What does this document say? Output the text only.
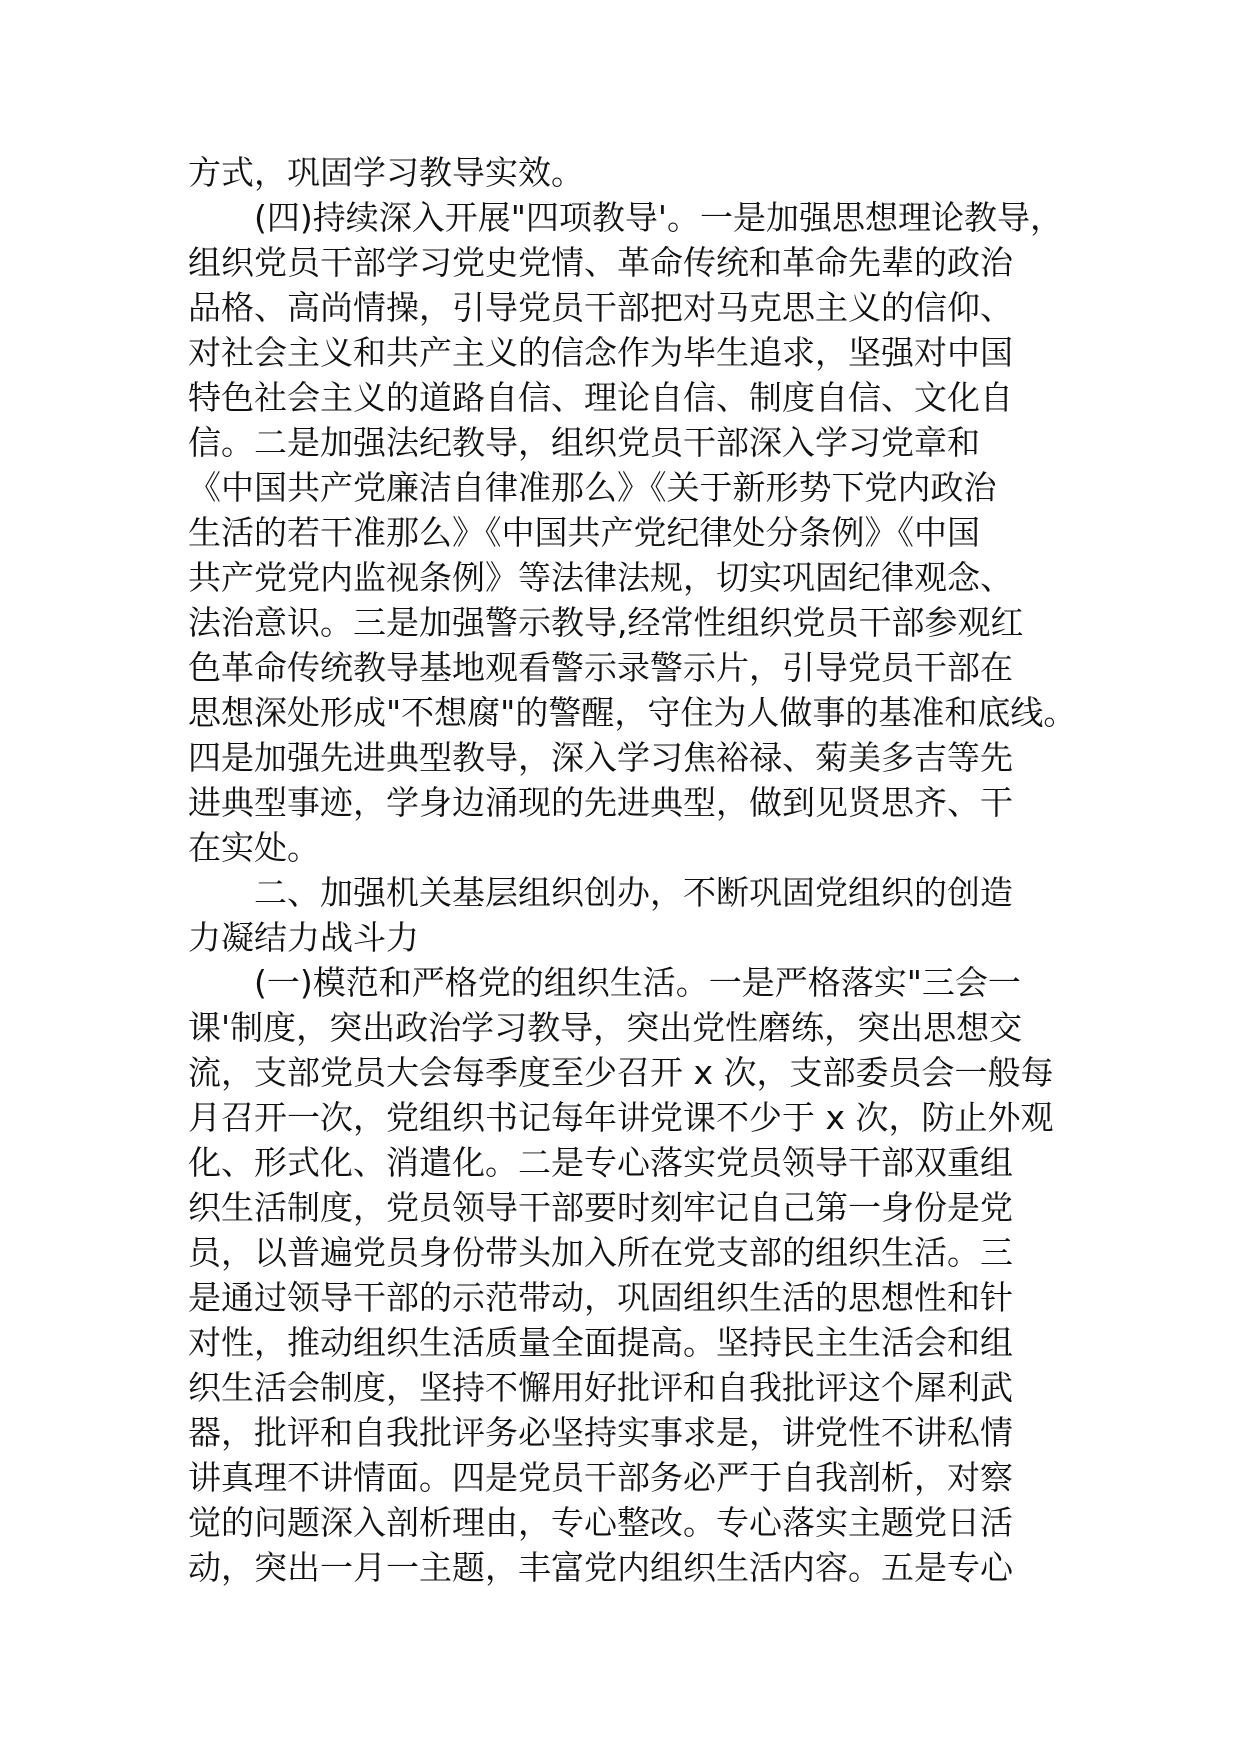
方式，巩固学习教导实效。
　　(四)持续深入开展"四项教导'。一是加强思想理论教导，
组织党员干部学习党史党情、革命传统和革命先辈的政治
品格、高尚情操，引导党员干部把对马克思主义的信仰、
对社会主义和共产主义的信念作为毕生追求，坚强对中国
特色社会主义的道路自信、理论自信、制度自信、文化自
信。二是加强法纪教导，组织党员干部深入学习党章和
《中国共产党廉洁自律准那么》《关于新形势下党内政治
生活的若干准那么》《中国共产党纪律处分条例》《中国
共产党党内监视条例》等法律法规，切实巩固纪律观念、
法治意识。三是加强警示教导,经常性组织党员干部参观红
色革命传统教导基地观看警示录警示片，引导党员干部在
思想深处形成"不想腐"的警醒，守住为人做事的基准和底线。
四是加强先进典型教导，深入学习焦裕禄、菊美多吉等先
进典型事迹，学身边涌现的先进典型，做到见贤思齐、干
在实处。
　　二、加强机关基层组织创办，不断巩固党组织的创造
力凝结力战斗力
　　(一)模范和严格党的组织生活。一是严格落实"三会一
课'制度，突出政治学习教导，突出党性磨练，突出思想交
流，支部党员大会每季度至少召开 x 次，支部委员会一般每
月召开一次，党组织书记每年讲党课不少于 x 次，防止外观
化、形式化、消遣化。二是专心落实党员领导干部双重组
织生活制度，党员领导干部要时刻牢记自己第一身份是党
员，以普遍党员身份带头加入所在党支部的组织生活。三
是通过领导干部的示范带动，巩固组织生活的思想性和针
对性，推动组织生活质量全面提高。坚持民主生活会和组
织生活会制度，坚持不懈用好批评和自我批评这个犀利武
器，批评和自我批评务必坚持实事求是，讲党性不讲私情
讲真理不讲情面。四是党员干部务必严于自我剖析，对察
觉的问题深入剖析理由，专心整改。专心落实主题党日活
动，突出一月一主题，丰富党内组织生活内容。五是专心
